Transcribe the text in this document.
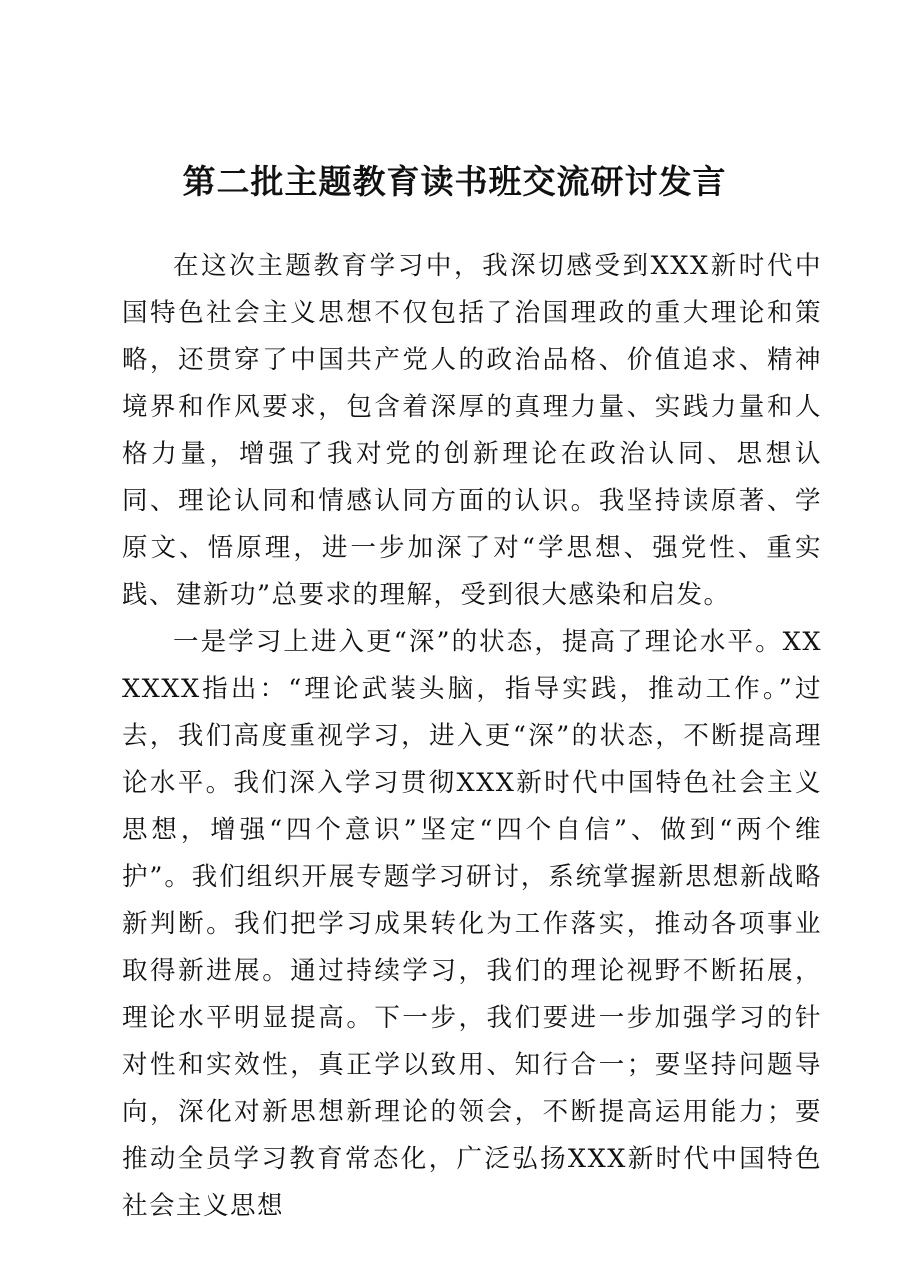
第二批主题教育读书班交流研讨发言

在这次主题教育学习中，我深切感受到XXX新时代中国特色社会主义思想不仅包括了治国理政的重大理论和策略，还贯穿了中国共产党人的政治品格、价值追求、精神境界和作风要求，包含着深厚的真理力量、实践力量和人格力量，增强了我对党的创新理论在政治认同、思想认同、理论认同和情感认同方面的认识。我坚持读原著、学原文、悟原理，进一步加深了对“学思想、强党性、重实践、建新功”总要求的理解，受到很大感染和启发。

一是学习上进入更“深”的状态，提高了理论水平。XXXXXX指出：“理论武装头脑，指导实践，推动工作。”过去，我们高度重视学习，进入更“深”的状态，不断提高理论水平。我们深入学习贯彻XXX新时代中国特色社会主义思想，增强“四个意识”坚定“四个自信”、做到“两个维护”。我们组织开展专题学习研讨，系统掌握新思想新战略新判断。我们把学习成果转化为工作落实，推动各项事业取得新进展。通过持续学习，我们的理论视野不断拓展，理论水平明显提高。下一步，我们要进一步加强学习的针对性和实效性，真正学以致用、知行合一；要坚持问题导向，深化对新思想新理论的领会，不断提高运用能力；要推动全员学习教育常态化，广泛弘扬XXX新时代中国特色社会主义思想
